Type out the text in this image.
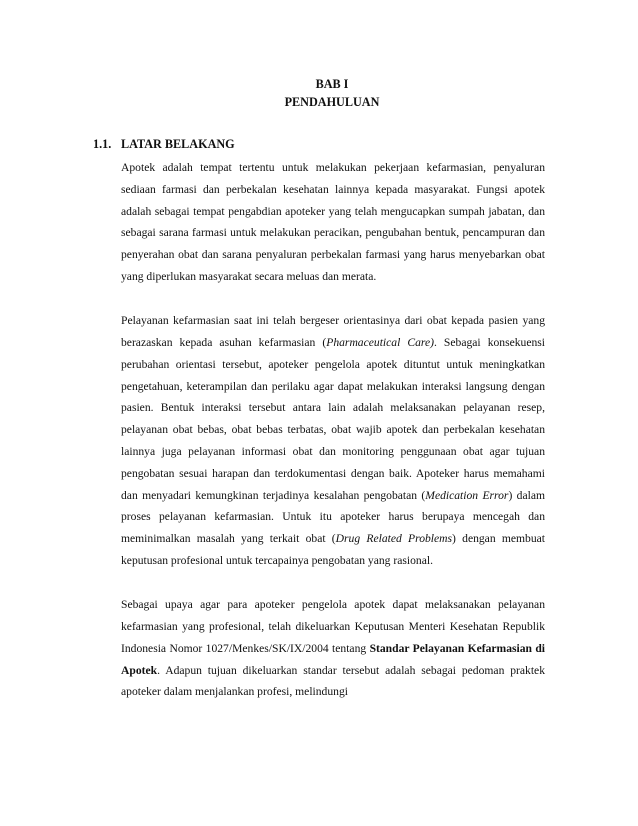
BAB I
PENDAHULUAN
1.1. LATAR BELAKANG

Apotek adalah tempat tertentu untuk melakukan pekerjaan kefarmasian, penyaluran sediaan farmasi dan perbekalan kesehatan lainnya kepada masyarakat. Fungsi apotek adalah sebagai tempat pengabdian apoteker yang telah mengucapkan sumpah jabatan, dan sebagai sarana farmasi untuk melakukan peracikan, pengubahan bentuk, pencampuran dan penyerahan obat dan sarana penyaluran perbekalan farmasi yang harus menyebarkan obat yang diperlukan masyarakat secara meluas dan merata.

Pelayanan kefarmasian saat ini telah bergeser orientasinya dari obat kepada pasien yang berazaskan kepada asuhan kefarmasian (Pharmaceutical Care). Sebagai konsekuensi perubahan orientasi tersebut, apoteker pengelola apotek dituntut untuk meningkatkan pengetahuan, keterampilan dan perilaku agar dapat melakukan interaksi langsung dengan pasien. Bentuk interaksi tersebut antara lain adalah melaksanakan pelayanan resep, pelayanan obat bebas, obat bebas terbatas, obat wajib apotek dan perbekalan kesehatan lainnya juga pelayanan informasi obat dan monitoring penggunaan obat agar tujuan pengobatan sesuai harapan dan terdokumentasi dengan baik. Apoteker harus memahami dan menyadari kemungkinan terjadinya kesalahan pengobatan (Medication Error) dalam proses pelayanan kefarmasian. Untuk itu apoteker harus berupaya mencegah dan meminimalkan masalah yang terkait obat (Drug Related Problems) dengan membuat keputusan profesional untuk tercapainya pengobatan yang rasional.

Sebagai upaya agar para apoteker pengelola apotek dapat melaksanakan pelayanan kefarmasian yang profesional, telah dikeluarkan Keputusan Menteri Kesehatan Republik Indonesia Nomor 1027/Menkes/SK/IX/2004 tentang Standar Pelayanan Kefarmasian di Apotek. Adapun tujuan dikeluarkan standar tersebut adalah sebagai pedoman praktek apoteker dalam menjalankan profesi, melindungi
